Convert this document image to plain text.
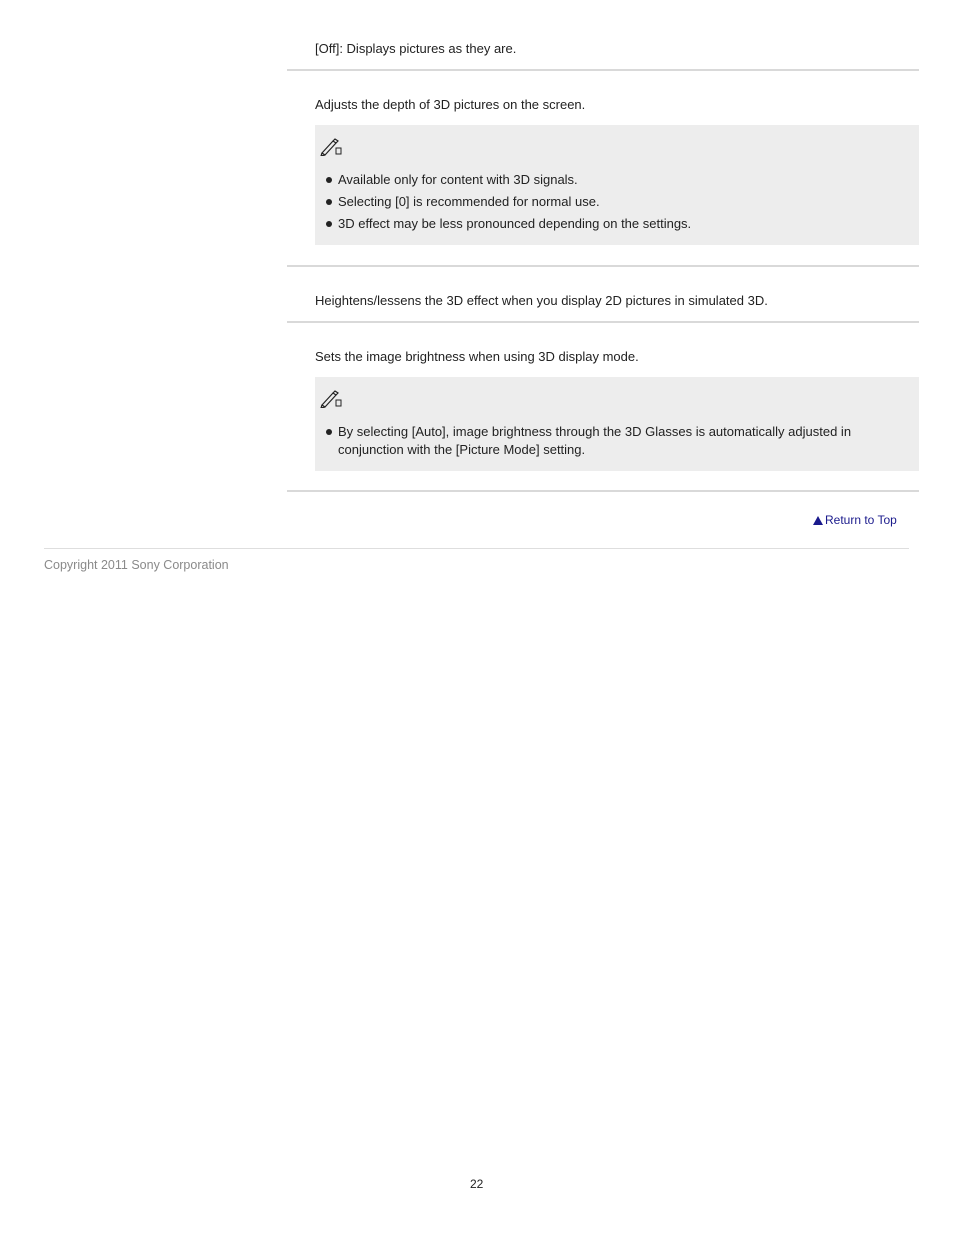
[Off]: Displays pictures as they are.
Adjusts the depth of 3D pictures on the screen.
Available only for content with 3D signals.
Selecting [0] is recommended for normal use.
3D effect may be less pronounced depending on the settings.
Heightens/lessens the 3D effect when you display 2D pictures in simulated 3D.
Sets the image brightness when using 3D display mode.
By selecting [Auto], image brightness through the 3D Glasses is automatically adjusted in conjunction with the [Picture Mode] setting.
Return to Top
Copyright 2011 Sony Corporation
22
